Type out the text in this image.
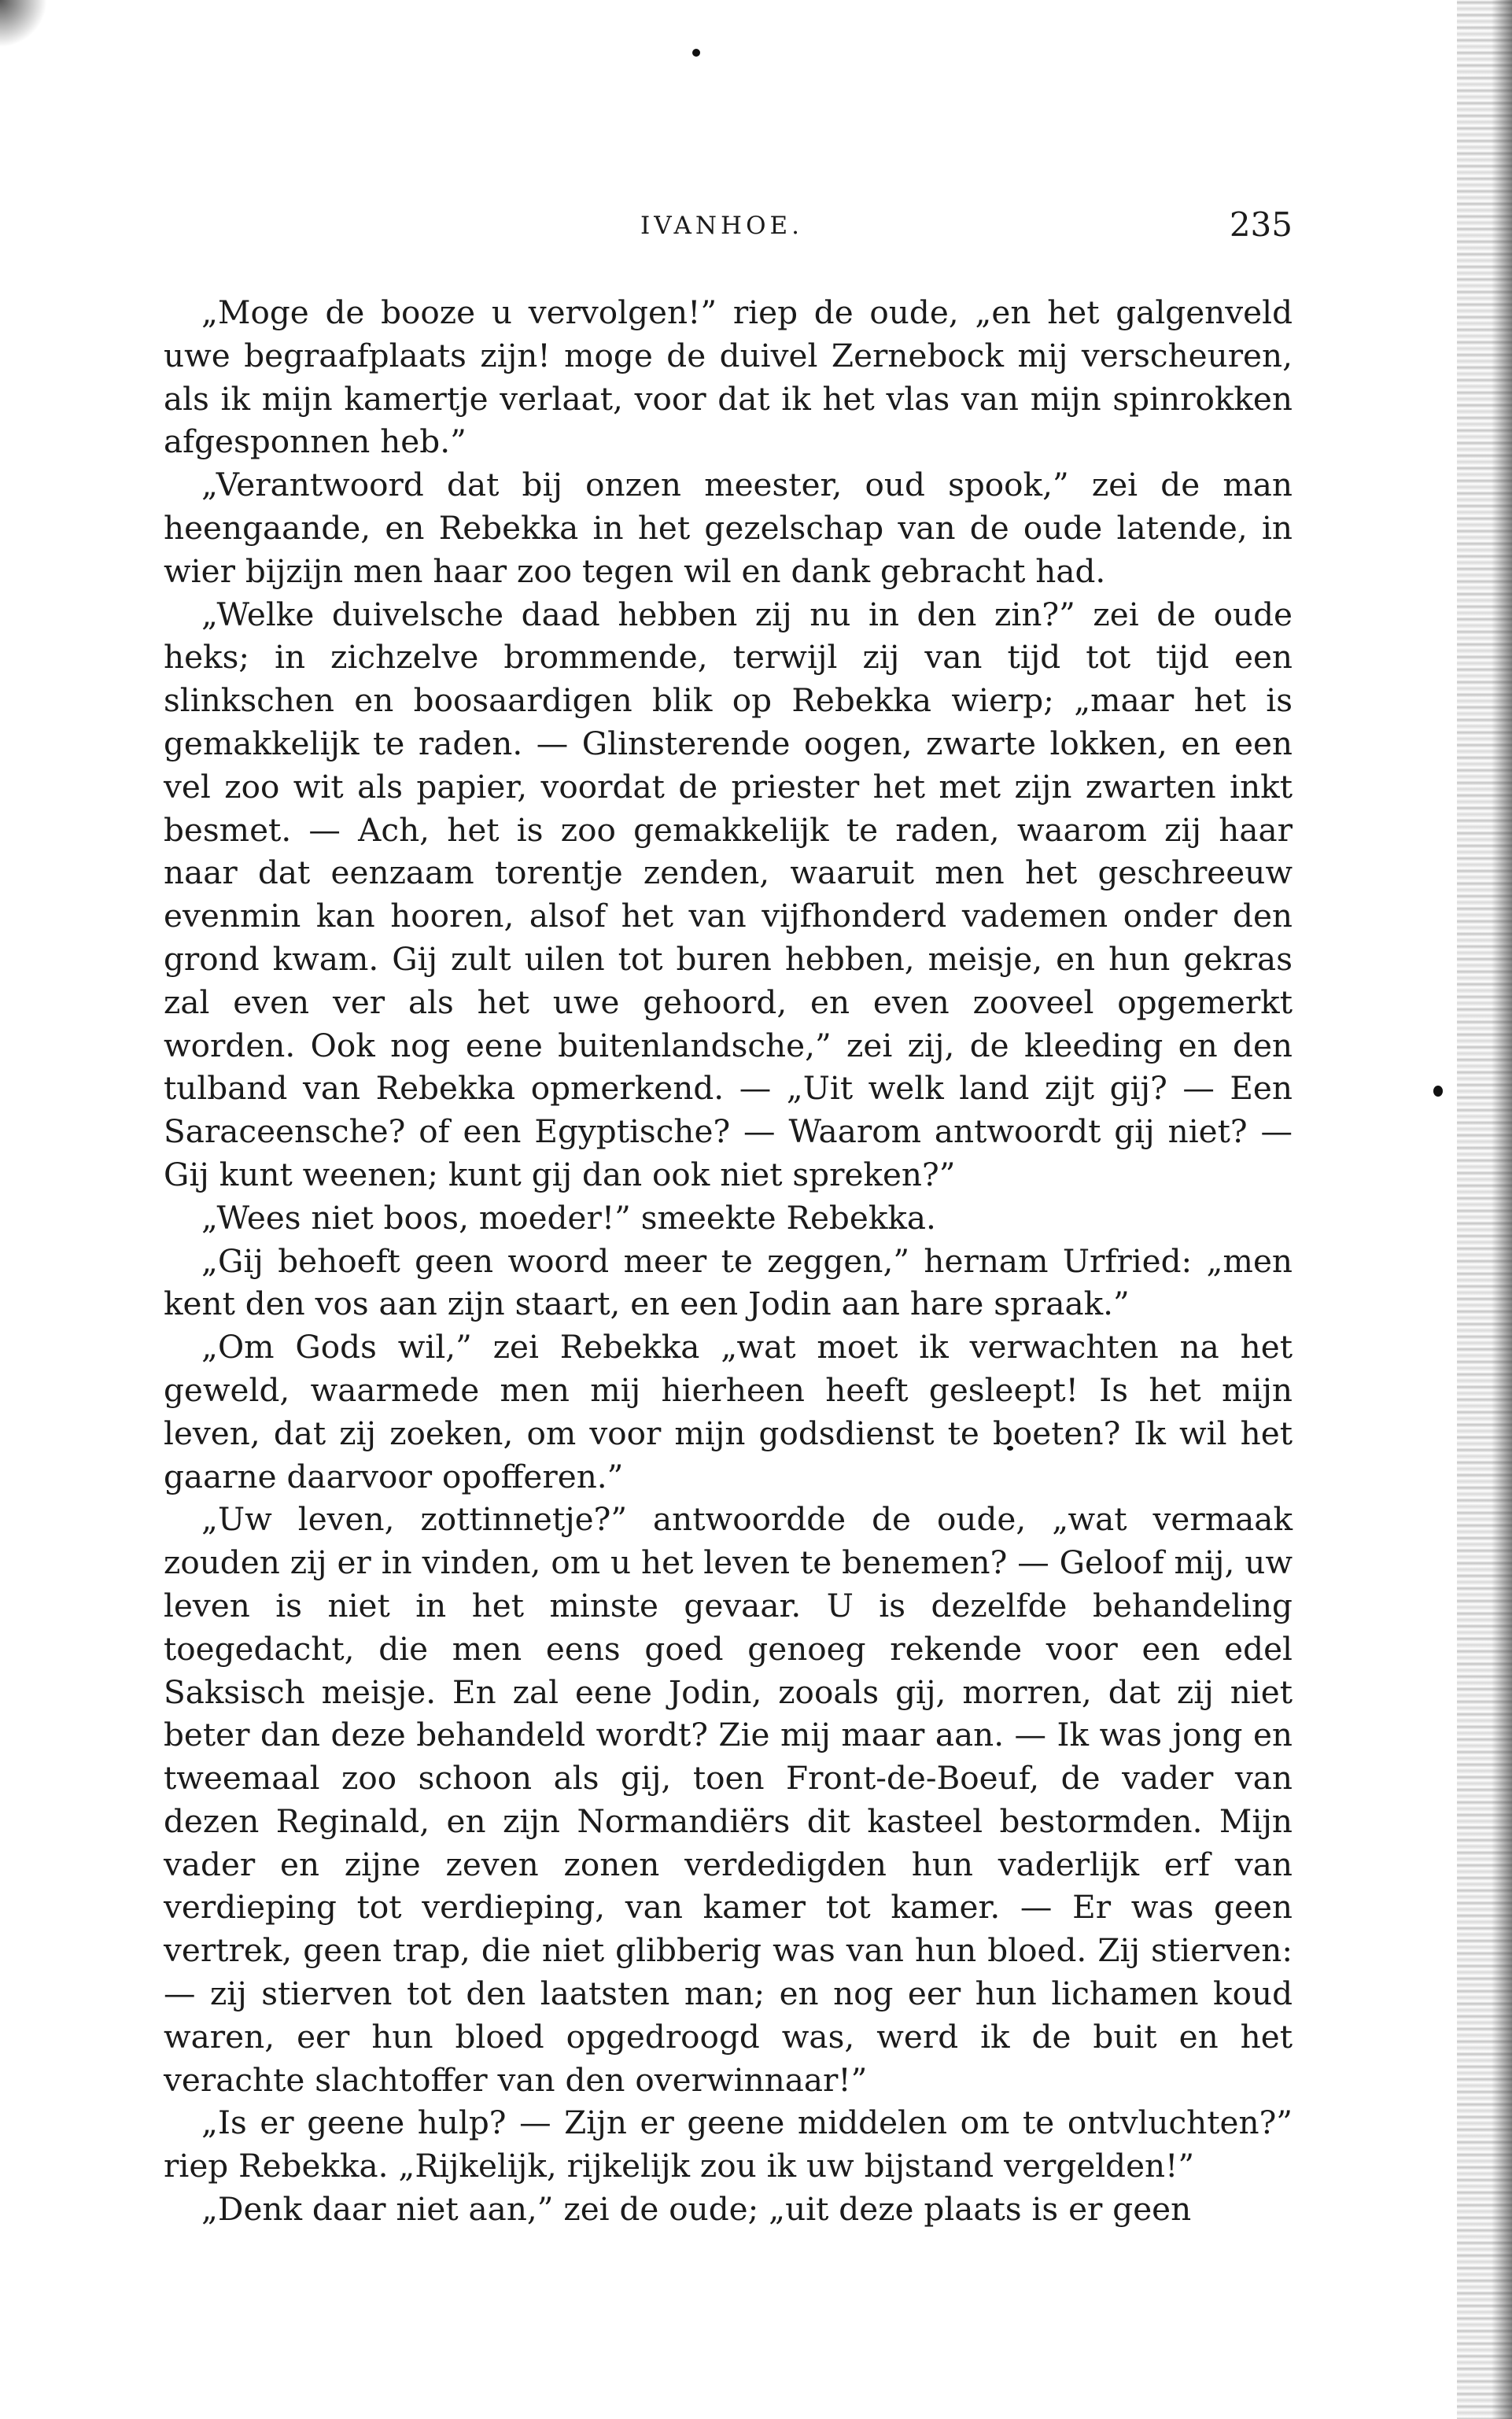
IVANHOE.	235

„Moge de booze u vervolgen!” riep de oude, „en het galgenveld uwe begraafplaats zijn! moge de duivel Zernebock mij verscheuren, als ik mijn kamertje verlaat, voor dat ik het vlas van mijn spinrokken afgesponnen heb.”

„Verantwoord dat bij onzen meester, oud spook,” zei de man heengaande, en Rebekka in het gezelschap van de oude latende, in wier bijzijn men haar zoo tegen wil en dank gebracht had.

„Welke duivelsche daad hebben zij nu in den zin?” zei de oude heks; in zichzelve brommende, terwijl zij van tijd tot tijd een slinkschen en boosaardigen blik op Rebekka wierp; „maar het is gemakkelijk te raden. — Glinsterende oogen, zwarte lokken, en een vel zoo wit als papier, voordat de priester het met zijn zwarten inkt besmet. — Ach, het is zoo gemakkelijk te raden, waarom zij haar naar dat eenzaam torentje zenden, waaruit men het geschreeuw evenmin kan hooren, alsof het van vijfhonderd vademen onder den grond kwam. Gij zult uilen tot buren hebben, meisje, en hun gekras zal even ver als het uwe gehoord, en even zooveel opgemerkt worden. Ook nog eene buitenlandsche,” zei zij, de kleeding en den tulband van Rebekka opmerkend. — „Uit welk land zijt gij? — Een Saraceensche? of een Egyptische? — Waarom antwoordt gij niet? — Gij kunt weenen; kunt gij dan ook niet spreken?”

„Wees niet boos, moeder!” smeekte Rebekka.

„Gij behoeft geen woord meer te zeggen,” hernam Urfried: „men kent den vos aan zijn staart, en een Jodin aan hare spraak.”

„Om Gods wil,” zei Rebekka „wat moet ik verwachten na het geweld, waarmede men mij hierheen heeft gesleept! Is het mijn leven, dat zij zoeken, om voor mijn godsdienst te boeten? Ik wil het gaarne daarvoor opofferen.”

„Uw leven, zottinnetje?” antwoordde de oude, „wat vermaak zouden zij er in vinden, om u het leven te benemen? — Geloof mij, uw leven is niet in het minste gevaar. U is dezelfde behandeling toegedacht, die men eens goed genoeg rekende voor een edel Saksisch meisje. En zal eene Jodin, zooals gij, morren, dat zij niet beter dan deze behandeld wordt? Zie mij maar aan. — Ik was jong en tweemaal zoo schoon als gij, toen Front-de-Boeuf, de vader van dezen Reginald, en zijn Normandiërs dit kasteel bestormden. Mijn vader en zijne zeven zonen verdedigden hun vaderlijk erf van verdieping tot verdieping, van kamer tot kamer. — Er was geen vertrek, geen trap, die niet glibberig was van hun bloed. Zij stierven: — zij stierven tot den laatsten man; en nog eer hun lichamen koud waren, eer hun bloed opgedroogd was, werd ik de buit en het verachte slachtoffer van den overwinnaar!”

„Is er geene hulp? — Zijn er geene middelen om te ontvluchten?” riep Rebekka. „Rijkelijk, rijkelijk zou ik uw bijstand vergelden!”

„Denk daar niet aan,” zei de oude; „uit deze plaats is er geen
